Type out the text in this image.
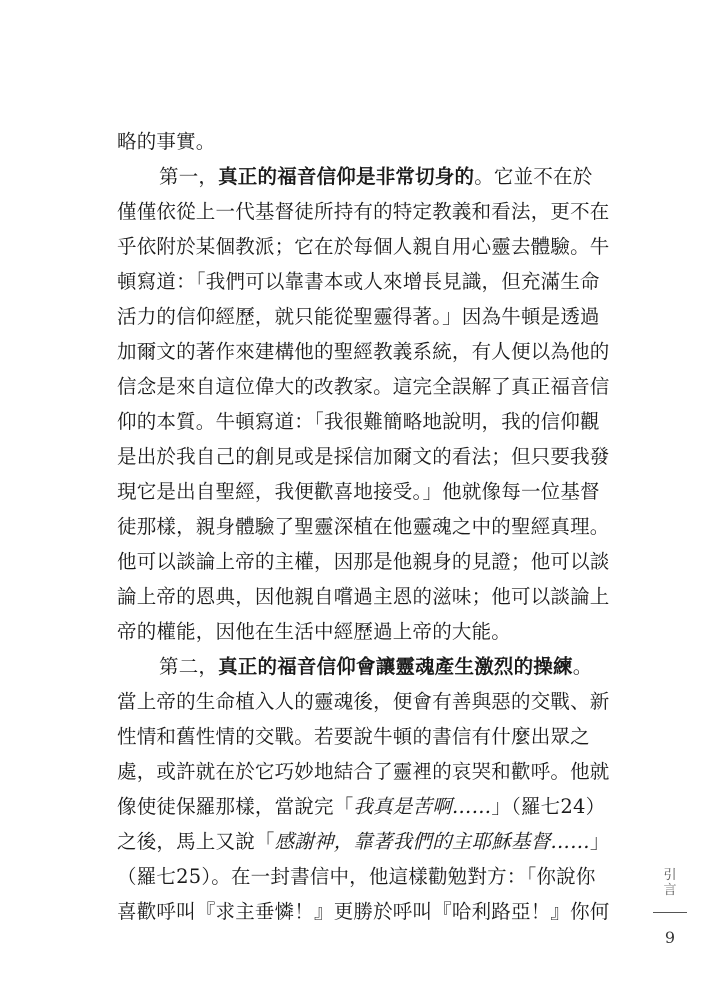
略的事實。
第一，真正的福音信仰是非常切身的。它並不在於
僅僅依從上一代基督徒所持有的特定教義和看法，更不在
乎依附於某個教派；它在於每個人親自用心靈去體驗。牛
頓寫道：「我們可以靠書本或人來增長見識，但充滿生命
活力的信仰經歷，就只能從聖靈得著。」因為牛頓是透過
加爾文的著作來建構他的聖經教義系統，有人便以為他的
信念是來自這位偉大的改教家。這完全誤解了真正福音信
仰的本質。牛頓寫道：「我很難簡略地說明，我的信仰觀
是出於我自己的創見或是採信加爾文的看法；但只要我發
現它是出自聖經，我便歡喜地接受。」他就像每一位基督
徒那樣，親身體驗了聖靈深植在他靈魂之中的聖經真理。
他可以談論上帝的主權，因那是他親身的見證；他可以談
論上帝的恩典，因他親自嚐過主恩的滋味；他可以談論上
帝的權能，因他在生活中經歷過上帝的大能。
第二，真正的福音信仰會讓靈魂產生激烈的操練。
當上帝的生命植入人的靈魂後，便會有善與惡的交戰、新
性情和舊性情的交戰。若要說牛頓的書信有什麼出眾之
處，或許就在於它巧妙地結合了靈裡的哀哭和歡呼。他就
像使徒保羅那樣，當說完「我真是苦啊……」（羅七24）
之後，馬上又說「感謝神，靠著我們的主耶穌基督……」
（羅七25）。在一封書信中，他這樣勸勉對方：「你說你
喜歡呼叫『求主垂憐！』更勝於呼叫『哈利路亞！』你何
引
言
9
